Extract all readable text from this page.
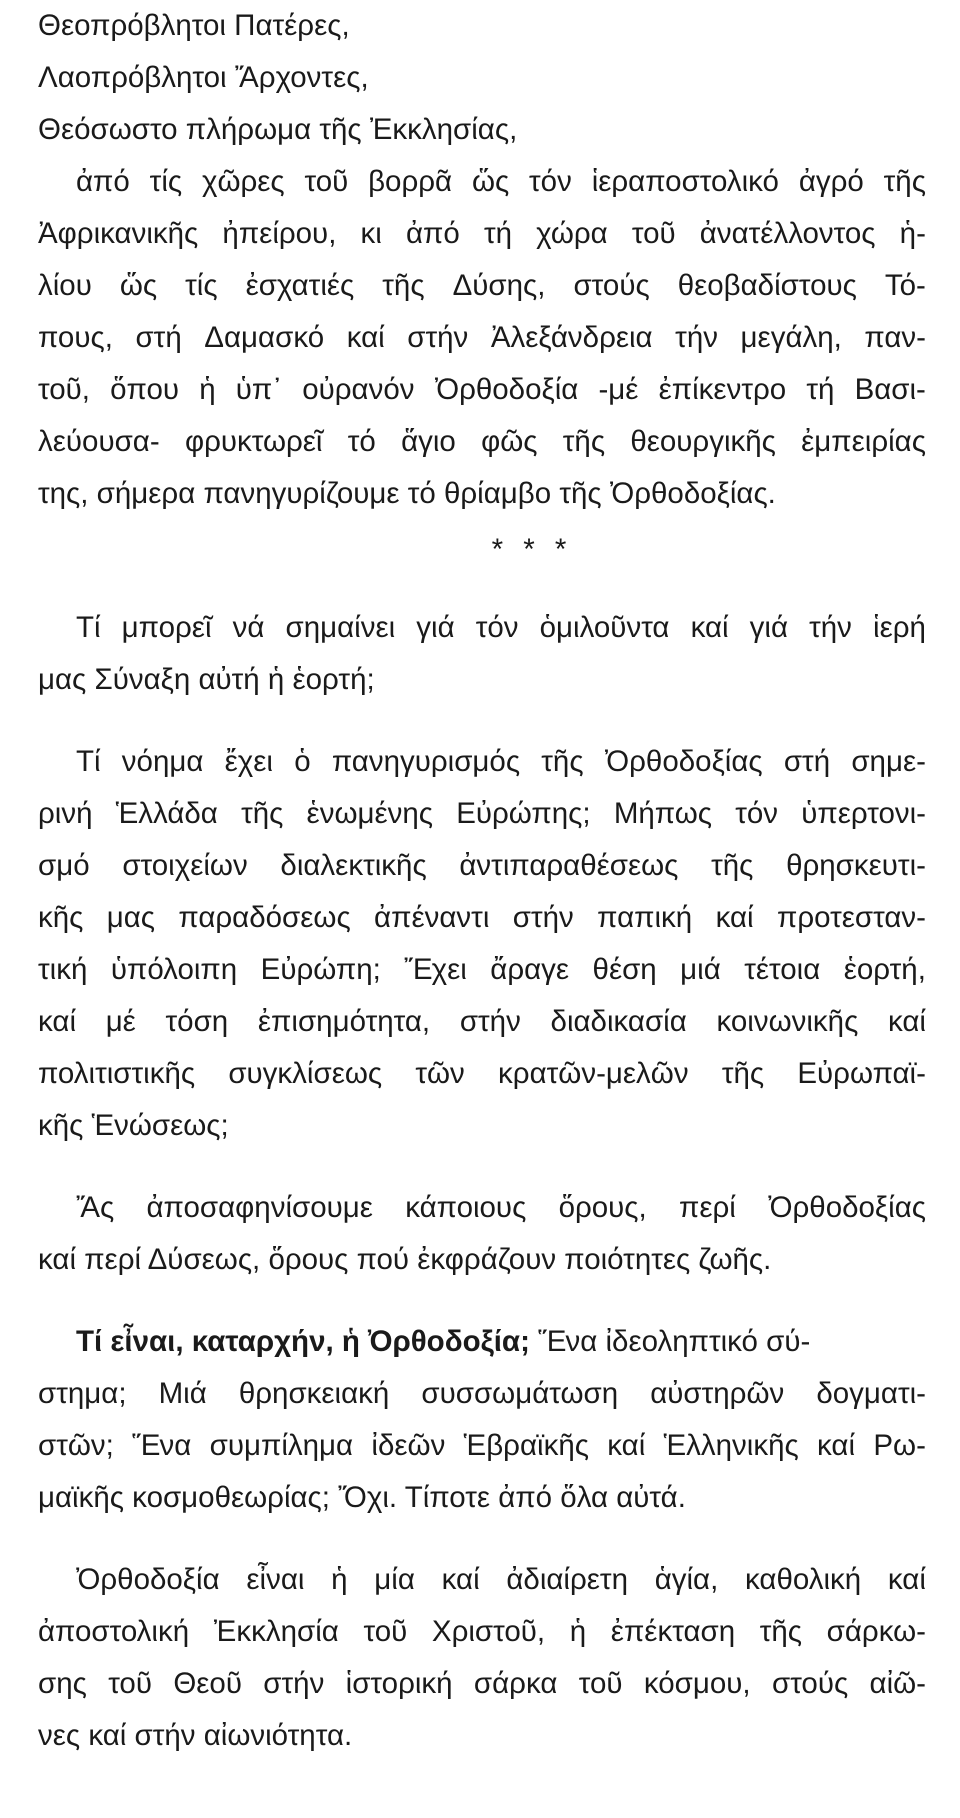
Θεοπρόβλητοι Πατέρες,

Λαοπρόβλητοι Ἄρχοντες,

Θεόσωστο πλήρωμα τῆς Ἐκκλησίας,

ἀπό τίς χῶρες τοῦ βορρᾶ ὥς τόν ἱεραποστολικό ἀγρό τῆς

Ἀφρικανικῆς ἠπείρου, κι ἀπό τή χώρα τοῦ ἀνατέλλοντος ἡ-

λίου ὥς τίς ἐσχατιές τῆς Δύσης, στούς θεοβαδίστους Τό-

πους, στή Δαμασκό καί στήν Ἀλεξάνδρεια τήν μεγάλη, παν-

τοῦ, ὅπου ἡ ὑπ᾽ οὐρανόν Ὀρθοδοξία -μέ ἐπίκεντρο τή Βασι-

λεύουσα- φρυκτωρεῖ τό ἅγιο φῶς τῆς θεουργικῆς ἐμπειρίας

της, σήμερα πανηγυρίζουμε τό θρίαμβο τῆς Ὀρθοδοξίας.

* * *

Τί μπορεῖ νά σημαίνει γιά τόν ὁμιλοῦντα καί γιά τήν ἱερή

μας Σύναξη αὐτή ἡ ἑορτή;

Τί νόημα ἔχει ὁ πανηγυρισμός τῆς Ὀρθοδοξίας στή σημε-

ρινή Ἑλλάδα τῆς ἑνωμένης Εὐρώπης; Μήπως τόν ὑπερτονι-

σμό στοιχείων διαλεκτικῆς ἀντιπαραθέσεως τῆς θρησκευτι-

κῆς μας παραδόσεως ἀπέναντι στήν παπική καί προτεσταν-

τική ὑπόλοιπη Εὐρώπη; Ἔχει ἄραγε θέση μιά τέτοια ἑορτή,

καί μέ τόση ἐπισημότητα, στήν διαδικασία κοινωνικῆς καί

πολιτιστικῆς συγκλίσεως τῶν κρατῶν-μελῶν τῆς Εὐρωπαϊ-

κῆς Ἑνώσεως;

Ἄς ἀποσαφηνίσουμε κάποιους ὅρους, περί Ὀρθοδοξίας

καί περί Δύσεως, ὅρους πού ἐκφράζουν ποιότητες ζωῆς.

Τί εἶναι, καταρχήν, ἡ Ὀρθοδοξία; Ἕνα ἰδεοληπτικό σύ-

στημα; Μιά θρησκειακή συσσωμάτωση αὐστηρῶν δογματι-

στῶν; Ἕνα συμπίλημα ἰδεῶν Ἑβραϊκῆς καί Ἑλληνικῆς καί Ρω-

μαϊκῆς κοσμοθεωρίας; Ὄχι. Τίποτε ἀπό ὅλα αὐτά.

Ὀρθοδοξία εἶναι ἡ μία καί ἀδιαίρετη ἁγία, καθολική καί

ἀποστολική Ἐκκλησία τοῦ Χριστοῦ, ἡ ἐπέκταση τῆς σάρκω-

σης τοῦ Θεοῦ στήν ἱστορική σάρκα τοῦ κόσμου, στούς αἰῶ-

νες καί στήν αἰωνιότητα.
